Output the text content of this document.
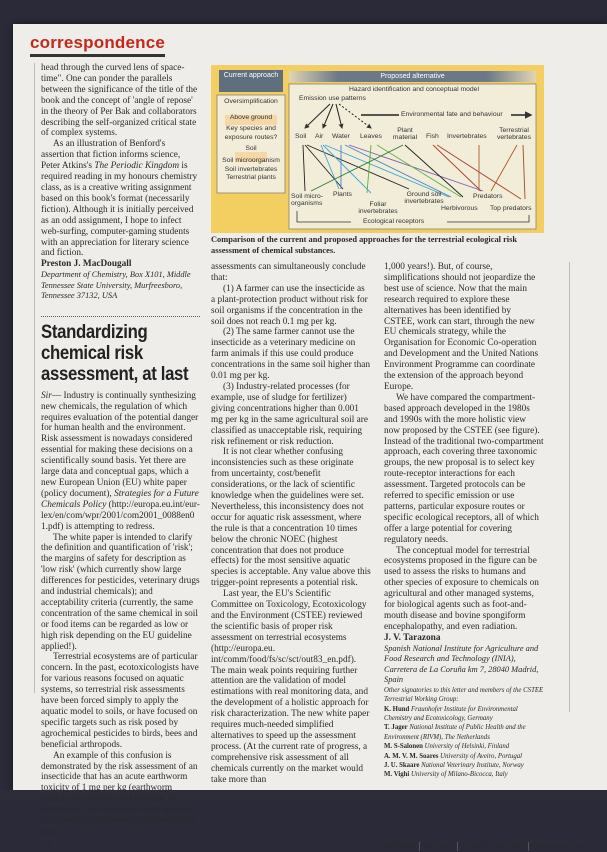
correspondence

head through the curved lens of space-time". One can ponder the parallels between the significance of the title of the book and the concept of 'angle of repose' in the theory of Per Bak and collaborators describing the self-organized critical state of complex systems.

As an illustration of Benford's assertion that fiction informs science, Peter Atkins's The Periodic Kingdom is required reading in my honours chemistry class, as is a creative writing assignment based on this book's format (necessarily fiction). Although it is initially perceived as an odd assignment, I hope to infect web-surfing, computer-gaming students with an appreciation for literary science and fiction.

Preston J. MacDougall

Department of Chemistry, Box X101, Middle Tennessee State University, Murfreesboro, Tennessee 37132, USA

Standardizing chemical risk assessment, at last

Sir— Industry is continually synthesizing new chemicals, the regulation of which requires evaluation of the potential danger for human health and the environment. Risk assessment is nowadays considered essential for making these decisions on a scientifically sound basis. Yet there are large data and conceptual gaps, which a new European Union (EU) white paper (policy document), Strategies for a Future Chemicals Policy (http://europa.eu.int/eur-lex/en/com/wpr/2001/com2001_0088en01.pdf) is attempting to redress.

The white paper is intended to clarify the definition and quantification of 'risk'; the margins of safety for description as 'low risk' (which currently show large differences for pesticides, veterinary drugs and industrial chemicals); and acceptability criteria (currently, the same concentration of the same chemical in soil or food items can be regarded as low or high risk depending on the EU guideline applied!).

Terrestrial ecosystems are of particular concern. In the past, ecotoxicologists have for various reasons focused on aquatic systems, so terrestrial risk assessments have been forced simply to apply the aquatic model to soils, or have focused on specific targets such as risk posed by agrochemical pesticides to birds, bees and beneficial arthropods.

An example of this confusion is demonstrated by the risk assessment of an insecticide that has an acute earthworm toxicity of 1 mg per kg (earthworm toxicity is a widely used measure, as earthworms are among the most sensitive soil-dwelling organisms). As things stand, such

Current approach	Proposed alternative
Oversimplification
Above ground
Key species and exposure routes?
Soil
Soil microorganism
Soil invertebrates
Terrestrial plants
Hazard identification and conceptual model
Emission use patterns
Environmental fate and behaviour
Soil Air Water Leaves
Plant material	Fish Invertebrates
Terrestrial vertebrates
Soil micro-organisms
Plants
Foliar invertebrates
Ground soil invertebrates
Herbivorous
Predators
Top predators
Ecological receptors
Comparison of the current and proposed approaches for the terrestrial ecological risk assessment of chemical substances.

assessments can simultaneously conclude that:

(1) A farmer can use the insecticide as a plant-protection product without risk for soil organisms if the concentration in the soil does not reach 0.1 mg per kg.

(2) The same farmer cannot use the insecticide as a veterinary medicine on farm animals if this use could produce concentrations in the same soil higher than 0.01 mg per kg.

(3) Industry-related processes (for example, use of sludge for fertilizer) giving concentrations higher than 0.001 mg per kg in the same agricultural soil are classified as unacceptable risk, requiring risk refinement or risk reduction.

It is not clear whether confusing inconsistencies such as these originate from uncertainty, cost/benefit considerations, or the lack of scientific knowledge when the guidelines were set. Nevertheless, this inconsistency does not occur for aquatic risk assessment, where the rule is that a concentration 10 times below the chronic NOEC (highest concentration that does not produce effects) for the most sensitive aquatic species is acceptable. Any value above this trigger-point represents a potential risk.

Last year, the EU's Scientific Committee on Toxicology, Ecotoxicology and the Environment (CSTEE) reviewed the scientific basis of proper risk assessment on terrestrial ecosystems (http://europa.eu. int/comm/food/fs/sc/sct/out83_en.pdf). The main weak points requiring further attention are the validation of model estimations with real monitoring data, and the development of a holistic approach for risk characterization. The new white paper requires much-needed simplified alternatives to speed up the assessment process. (At the current rate of progress, a comprehensive risk assessment of all chemicals currently on the market would take more than

1,000 years!). But, of course, simplifications should not jeopardize the best use of science. Now that the main research required to explore these alternatives has been identified by CSTEE, work can start, through the new EU chemicals strategy, while the Organisation for Economic Co-operation and Development and the United Nations Environment Programme can coordinate the extension of the approach beyond Europe.

We have compared the compartment-based approach developed in the 1980s and 1990s with the more holistic view now proposed by the CSTEE (see figure). Instead of the traditional two-compartment approach, each covering three taxonomic groups, the new proposal is to select key route-receptor interactions for each assessment. Targeted protocols can be referred to specific emission or use patterns, particular exposure routes or specific ecological receptors, all of which offer a large potential for covering regulatory needs.

The conceptual model for terrestrial ecosystems proposed in the figure can be used to assess the risks to humans and other species of exposure to chemicals on agricultural and other managed systems, for biological agents such as foot-and-mouth disease and bovine spongiform encephalopathy, and even radiation.

J. V. Tarazona

Spanish National Institute for Agriculture and Food Research and Technology (INIA), Carretera de La Coruña km 7, 28040 Madrid, Spain

Other signatories to this letter and members of the CSTEE Terrestrial Working Group:

K. Hund Fraunhofer Institute for Environmental Chemistry and Ecotoxicology, Germany

T. Jager National Institute of Public Health and the Environment (RIVM), The Netherlands

M. S-Salonen University of Helsinki, Finland

A. M. V. M. Soares University of Aveiro, Portugal

J. U. Skaare National Veterinary Institute, Norway

M. Vighi University of Milano-Bicocca, Italy

14	NATURE VOL 415 3 JANUARY 2002 www.nature.com
